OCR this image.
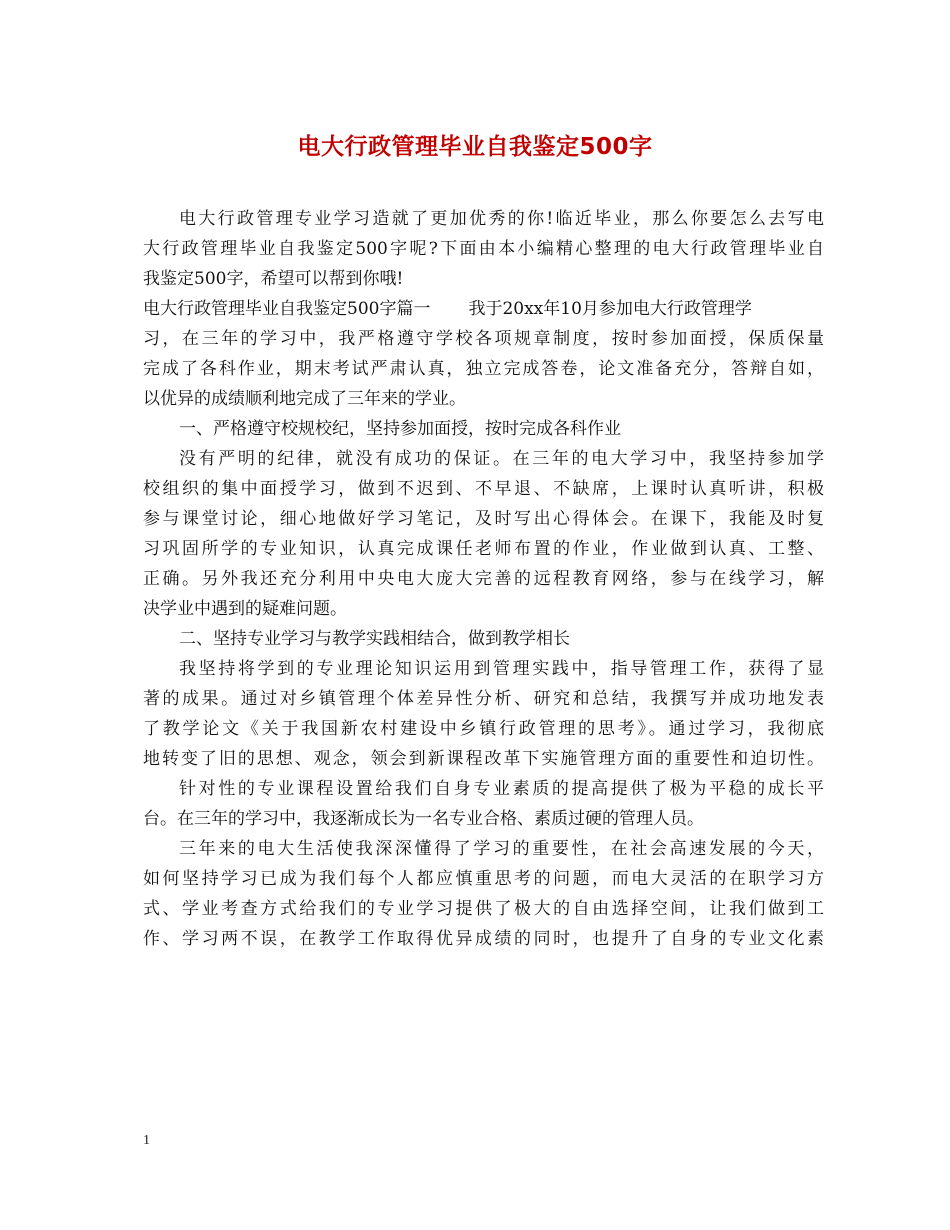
电大行政管理毕业自我鉴定500字
电大行政管理专业学习造就了更加优秀的你!临近毕业，那么你要怎么去写电
大行政管理毕业自我鉴定500字呢?下面由本小编精心整理的电大行政管理毕业自
我鉴定500字，希望可以帮到你哦!
电大行政管理毕业自我鉴定500字篇一 我于20xx年10月参加电大行政管理学
习，在三年的学习中，我严格遵守学校各项规章制度，按时参加面授，保质保量
完成了各科作业，期末考试严肃认真，独立完成答卷，论文准备充分，答辩自如，
以优异的成绩顺利地完成了三年来的学业。
一、严格遵守校规校纪，坚持参加面授，按时完成各科作业
没有严明的纪律，就没有成功的保证。在三年的电大学习中，我坚持参加学
校组织的集中面授学习，做到不迟到、不早退、不缺席，上课时认真听讲，积极
参与课堂讨论，细心地做好学习笔记，及时写出心得体会。在课下，我能及时复
习巩固所学的专业知识，认真完成课任老师布置的作业，作业做到认真、工整、
正确。另外我还充分利用中央电大庞大完善的远程教育网络，参与在线学习，解
决学业中遇到的疑难问题。
二、坚持专业学习与教学实践相结合，做到教学相长
我坚持将学到的专业理论知识运用到管理实践中，指导管理工作，获得了显
著的成果。通过对乡镇管理个体差异性分析、研究和总结，我撰写并成功地发表
了教学论文《关于我国新农村建设中乡镇行政管理的思考》。通过学习，我彻底
地转变了旧的思想、观念，领会到新课程改革下实施管理方面的重要性和迫切性。
针对性的专业课程设置给我们自身专业素质的提高提供了极为平稳的成长平
台。在三年的学习中，我逐渐成长为一名专业合格、素质过硬的管理人员。
三年来的电大生活使我深深懂得了学习的重要性，在社会高速发展的今天，
如何坚持学习已成为我们每个人都应慎重思考的问题，而电大灵活的在职学习方
式、学业考查方式给我们的专业学习提供了极大的自由选择空间，让我们做到工
作、学习两不误，在教学工作取得优异成绩的同时，也提升了自身的专业文化素
1
